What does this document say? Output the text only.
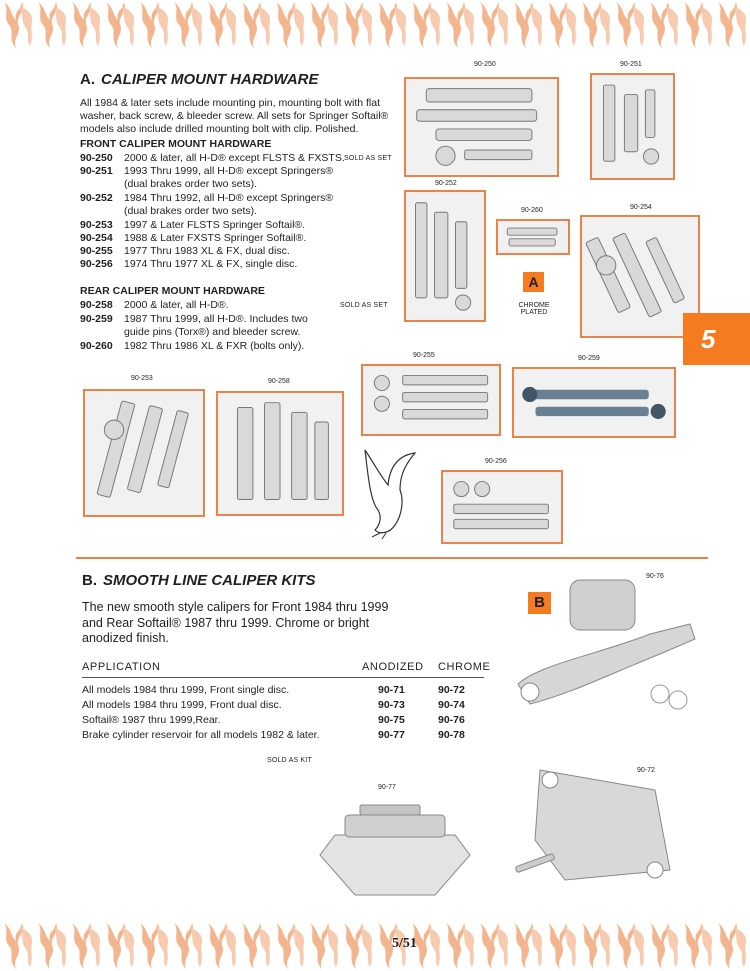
A. CALIPER MOUNT HARDWARE
All 1984 & later sets include mounting pin, mounting bolt with flat washer, back screw, & bleeder screw. All sets for Springer Softail® models also include drilled mounting bolt with clip. Polished.
FRONT CALIPER MOUNT HARDWARE
90-250 2000 & later, all H-D® except FLSTS & FXSTS. SOLD AS SET
90-251 1993 Thru 1999, all H-D® except Springers®
(dual brakes order two sets).
90-252 1984 Thru 1992, all H-D® except Springers®
(dual brakes order two sets).
90-253 1997 & Later FLSTS Springer Softail®.
90-254 1988 & Later FXSTS Springer Softail®.
90-255 1977 Thru 1983 XL & FX, dual disc.
90-256 1974 Thru 1977 XL & FX, single disc.
REAR CALIPER MOUNT HARDWARE
90-258 2000 & later, all H-D®.	SOLD AS SET
90-259 1987 Thru 1999, all H-D®. Includes two
guide pins (Torx®) and bleeder screw.
90-260 1982 Thru 1986 XL & FXR (bolts only).
90-250	90-251
90-252
90-260
A
CHROME
PLATED
90-254
5
90-255	90-259
90-253	90-258
90-256
B. SMOOTH LINE CALIPER KITS
The new smooth style calipers for Front 1984 thru 1999 and Rear Softail® 1987 thru 1999. Chrome or bright anodized finish.
APPLICATION	ANODIZED CHROME
All models 1984 thru 1999, Front single disc.	90-71	90-72
All models 1984 thru 1999, Front dual disc.	90-73	90-74
Softail® 1987 thru 1999,Rear.	90-75	90-76
Brake cylinder reservoir for all models 1982 & later.	90-77	90-78
SOLD AS KIT
B
90-76
90-72
90-77
5/51
